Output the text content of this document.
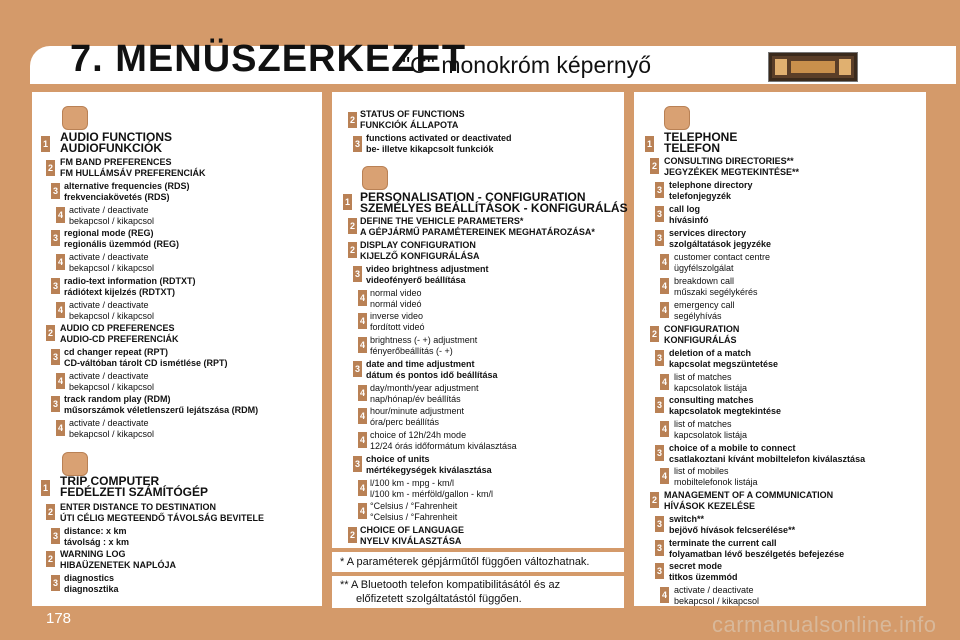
7. MENÜSZERKEZET
"C" monokróm képernyő
1 AUDIO FUNCTIONS
AUDIOFUNKCIÓK
2
FM BAND PREFERENCES
FM HULLÁMSÁV PREFERENCIÁK
3 alternative frequencies (RDS)
frekvenciakövetés (RDS)
4 activate / deactivate
bekapcsol / kikapcsol
3 regional mode (REG)
regionális üzemmód (REG)
4 activate / deactivate
bekapcsol / kikapcsol
3 radio-text information (RDTXT)
rádiótext kijelzés (RDTXT)
4 activate / deactivate
bekapcsol / kikapcsol
2 AUDIO CD PREFERENCES
AUDIO-CD PREFERENCIÁK
3 cd changer repeat (RPT)
CD-váltóban tárolt CD ismétlése (RPT)
4 activate / deactivate
bekapcsol / kikapcsol
3 track random play (RDM)
műsorszámok véletlenszerű lejátszása (RDM)
4 activate / deactivate
bekapcsol / kikapcsol
1 TRIP COMPUTER
FEDÉLZETI SZÁMÍTÓGÉP
2 ENTER DISTANCE TO DESTINATION
ÚTI CÉLIG MEGTEENDŐ TÁVOLSÁG BEVITELE
3 distance: x km
távolság : x km
2 WARNING LOG
HIBAÜZENETEK NAPLÓJA
3 diagnostics
diagnosztika
2
STATUS OF FUNCTIONS
FUNKCIÓK ÁLLAPOTA
3
functions activated or deactivated
be- illetve kikapcsolt funkciók
1 PERSONALISATION - CONFIGURATION
SZEMÉLYES BEÁLLÍTÁSOK - KONFIGURÁLÁS
2 DEFINE THE VEHICLE PARAMETERS*
A GÉPJÁRMŰ PARAMÉTEREINEK MEGHATÁROZÁSA*
2 DISPLAY CONFIGURATION
KIJELZŐ KONFIGURÁLÁSA
3 video brightness adjustment
videofényerő beállítása
4 normal video
normál videó
4 inverse video
fordított videó
4 brightness (- +) adjustment
fényerőbeállítás (- +)
3 date and time adjustment
dátum és pontos idő beállítása
4 day/month/year adjustment
nap/hónap/év beállítás
4 hour/minute adjustment
óra/perc beállítás
4 choice of 12h/24h mode
12/24 órás időformátum kiválasztása
3 choice of units
mértékegységek kiválasztása
4 l/100 km - mpg - km/l
l/100 km - mérföld/gallon - km/l
4 °Celsius / °Fahrenheit
°Celsius / °Fahrenheit
2 CHOICE OF LANGUAGE
NYELV KIVÁLASZTÁSA
* A paraméterek gépjárműtől függően változhatnak.
** A Bluetooth telefon kompatibilitásától és az
előfizetett szolgáltatástól függően.
1 TELEPHONE
TELEFON
2 CONSULTING DIRECTORIES**
JEGYZÉKEK MEGTEKINTÉSE**
3 telephone directory
telefonjegyzék
3 call log
hívásinfó
3 services directory
szolgáltatások jegyzéke
4 customer contact centre
ügyfélszolgálat
4 breakdown call
műszaki segélykérés
4 emergency call
segélyhívás
2 CONFIGURATION
KONFIGURÁLÁS
3 deletion of a match
kapcsolat megszüntetése
4 list of matches
kapcsolatok listája
3 consulting matches
kapcsolatok megtekintése
4 list of matches
kapcsolatok listája
3 choice of a mobile to connect
csatlakoztani kívánt mobiltelefon kiválasztása
4 list of mobiles
mobiltelefonok listája
2 MANAGEMENT OF A COMMUNICATION
HÍVÁSOK KEZELÉSE
3 switch**
bejövő hívások felcserélése**
3 terminate the current call
folyamatban lévő beszélgetés befejezése
3 secret mode
titkos üzemmód
4 activate / deactivate
bekapcsol / kikapcsol
178	carmanualsonline.info
